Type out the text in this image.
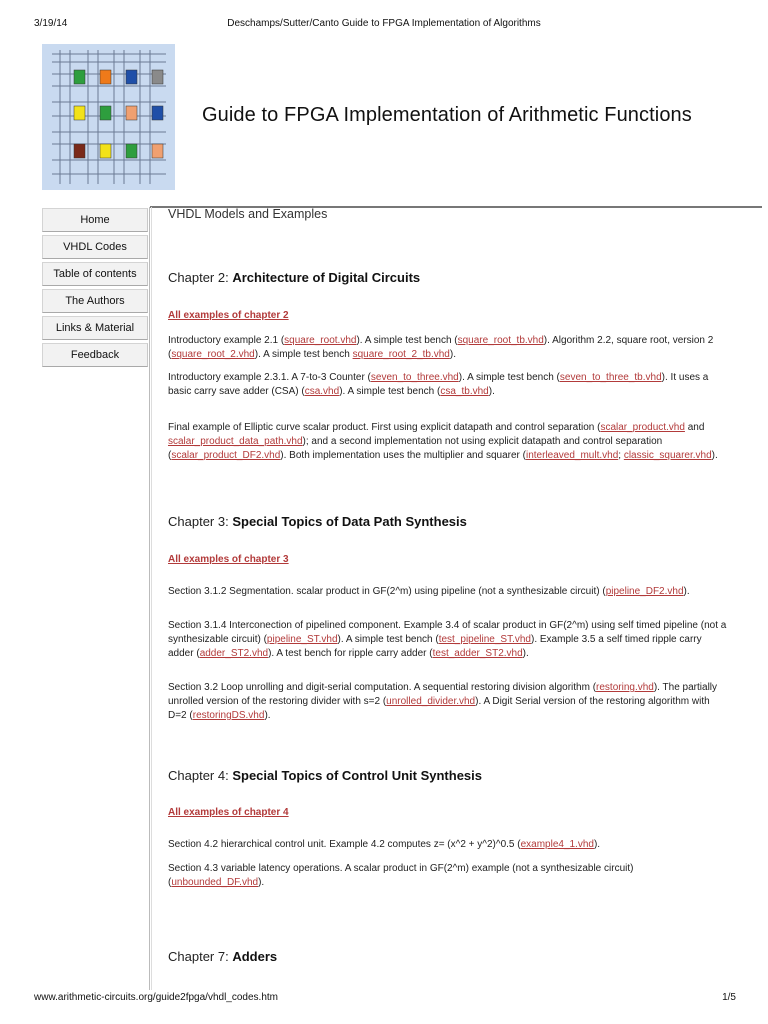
3/19/14	Deschamps/Sutter/Canto Guide to FPGA Implementation of Algorithms
Guide to FPGA Implementation of Arithmetic Functions
Home
VHDL Codes
Table of contents
The Authors
Links & Material
Feedback
VHDL Models and Examples
Chapter 2: Architecture of Digital Circuits
All examples of chapter 2
Introductory example 2.1 (square_root.vhd). A simple test bench (square_root_tb.vhd). Algorithm 2.2, square root, version 2 (square_root_2.vhd). A simple test bench square_root_2_tb.vhd).
Introductory example 2.3.1. A 7-to-3 Counter (seven_to_three.vhd). A simple test bench (seven_to_three_tb.vhd). It uses a basic carry save adder (CSA) (csa.vhd). A simple test bench (csa_tb.vhd).
Final example of Elliptic curve scalar product. First using explicit datapath and control separation (scalar_product.vhd and scalar_product_data_path.vhd); and a second implementation not using explicit datapath and control separation (scalar_product_DF2.vhd). Both implementation uses the multiplier and squarer (interleaved_mult.vhd; classic_squarer.vhd).
Chapter 3: Special Topics of Data Path Synthesis
All examples of chapter 3
Section 3.1.2 Segmentation. scalar product in GF(2^m) using pipeline (not a synthesizable circuit) (pipeline_DF2.vhd).
Section 3.1.4 Interconection of pipelined component. Example 3.4 of scalar product in GF(2^m) using self timed pipeline (not a synthesizable circuit) (pipeline_ST.vhd). A simple test bench (test_pipeline_ST.vhd). Example 3.5 a self timed ripple carry adder (adder_ST2.vhd). A test bench for ripple carry adder (test_adder_ST2.vhd).
Section 3.2 Loop unrolling and digit-serial computation. A sequential restoring division algorithm (restoring.vhd). The partially unrolled version of the restoring divider with s=2 (unrolled_divider.vhd). A Digit Serial version of the restoring algorithm with D=2 (restoringDS.vhd).
Chapter 4: Special Topics of Control Unit Synthesis
All examples of chapter 4
Section 4.2 hierarchical control unit. Example 4.2 computes z= (x^2 + y^2)^0.5 (example4_1.vhd).
Section 4.3 variable latency operations. A scalar product in GF(2^m) example (not a synthesizable circuit) (unbounded_DF.vhd).
Chapter 7: Adders
www.arithmetic-circuits.org/guide2fpga/vhdl_codes.htm	1/5
